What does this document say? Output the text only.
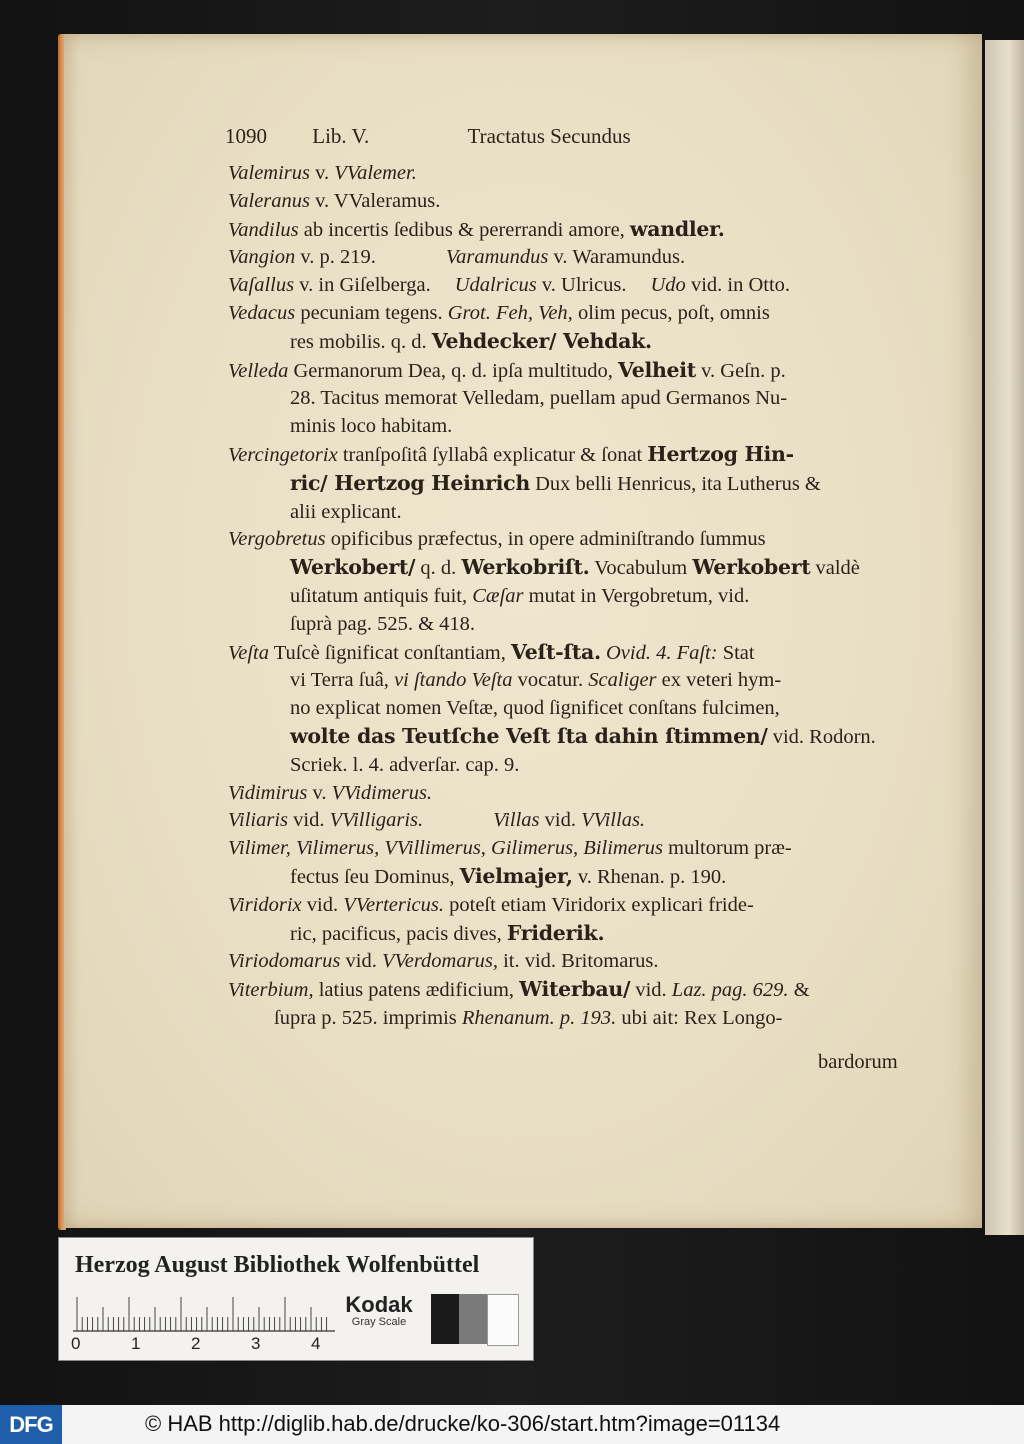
1090 Lib. V.	Tractatus Secundus
Valemirus v. VValemer.
Valeranus v. VValeramus.
Vandilus ab incertis ſedibus & pererrandi amore, wandler.
Vangion v. p. 219.	Varamundus v. Waramundus.
Vaſallus v. in Giſelberga. Udalricus v. Ulricus. Udo vid. in Otto.
Vedacus pecuniam tegens. Grot. Feh, Veh, olim pecus, poſt, omnis
res mobilis. q. d. Vehdecker/ Vehdak.
Velleda Germanorum Dea, q. d. ipſa multitudo, Velheit v. Geſn. p.
28. Tacitus memorat Velledam, puellam apud Germanos Nu-
minis loco habitam.
Vercingetorix tranſpoſitâ ſyllabâ explicatur & ſonat Hertzog Hin-
ric/ Hertzog Heinrich Dux belli Henricus, ita Lutherus &
alii explicant.
Vergobretus opificibus præfectus, in opere adminiſtrando ſummus
Werkobert/ q. d. Werkobriſt. Vocabulum Werkobert valdè
uſitatum antiquis fuit, Cæſar mutat in Vergobretum, vid.
ſuprà pag. 525. & 418.
Veſta Tuſcè ſignificat conſtantiam, Veſt-ſta. Ovid. 4. Faſt: Stat
vi Terra ſuâ, vi ſtando Veſta vocatur. Scaliger ex veteri hym-
no explicat nomen Veſtæ, quod ſignificet conſtans fulcimen,
wolte das Teutſche Veſt ſta dahin ſtimmen/ vid. Rodorn.
Scriek. l. 4. adverſar. cap. 9.
Vidimirus v. VVidimerus.
Viliaris vid. VVilligaris.	Villas vid. VVillas.
Vilimer, Vilimerus, VVillimerus, Gilimerus, Bilimerus multorum præ-
fectus ſeu Dominus, Vielmajer, v. Rhenan. p. 190.
Viridorix vid. VVertericus. poteſt etiam Viridorix explicari fride-
ric, pacificus, pacis dives, Friderik.
Viriodomarus vid. VVerdomarus, it. vid. Britomarus.
Viterbium, latius patens ædificium, Witerbau/ vid. Laz. pag. 629. &
ſupra p. 525. imprimis Rhenanum. p. 193. ubi ait: Rex Longo-
bardorum
Herzog August Bibliothek Wolfenbüttel
0	1	2	3	4
Kodak
Gray Scale
DFG	© HAB http://diglib.hab.de/drucke/ko-306/start.htm?image=01134
